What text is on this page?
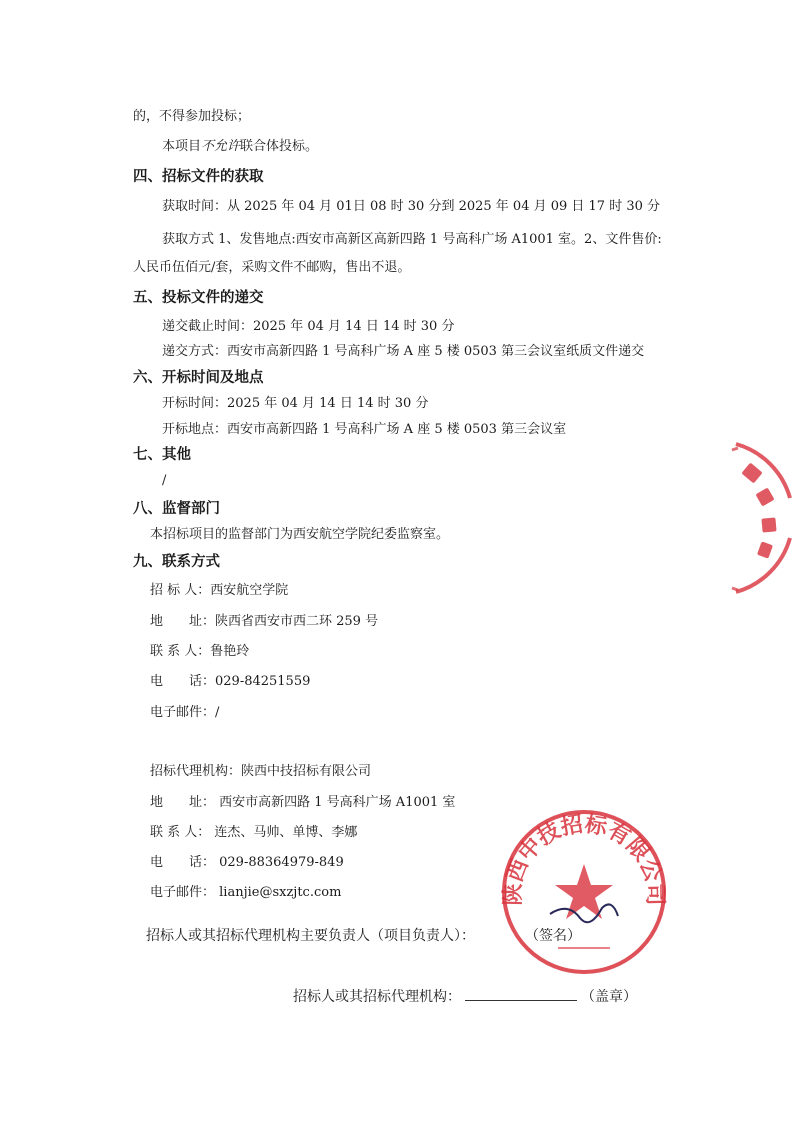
的，不得参加投标；
本项目不允许联合体投标。
四、招标文件的获取
获取时间：从 2025 年 04 月 01日 08 时 30 分到 2025 年 04 月 09 日 17 时 30 分
获取方式 1、发售地点:西安市高新区高新四路 1 号高科广场 A1001 室。2、文件售价:
人民币伍佰元/套，采购文件不邮购，售出不退。
五、投标文件的递交
递交截止时间：2025 年 04 月 14 日 14 时 30 分
递交方式：西安市高新四路 1 号高科广场 A 座 5 楼 0503 第三会议室纸质文件递交
六、开标时间及地点
开标时间：2025 年 04 月 14 日 14 时 30 分
开标地点：西安市高新四路 1 号高科广场 A 座 5 楼 0503 第三会议室
七、其他
/
八、监督部门
本招标项目的监督部门为西安航空学院纪委监察室。
九、联系方式
招 标 人：西安航空学院
地　　址：陕西省西安市西二环 259 号
联 系 人：鲁艳玲
电　　话：029-84251559
电子邮件：/
招标代理机构：陕西中技招标有限公司
地　　址： 西安市高新四路 1 号高科广场 A1001 室
联 系 人： 连杰、马帅、单博、李娜
电　　话： 029-88364979-849
电子邮件： lianjie@sxzjtc.com
招标人或其招标代理机构主要负责人（项目负责人）：	（签名）
招标人或其招标代理机构：	（盖章）
陕西中技招标有限公司
